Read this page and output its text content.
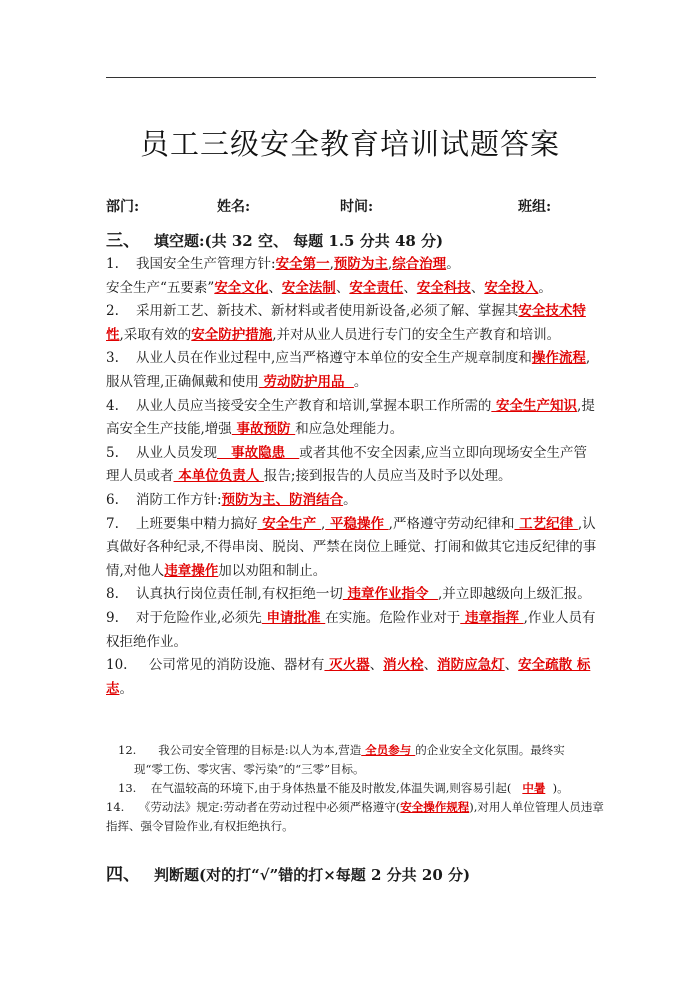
员工三级安全教育培训试题答案
部门:	姓名:	时间:	班组:
三、 填空题:(共 32 空、 每题 1.5 分共 48 分)

1.    我国安全生产管理方针:安全第一,预防为主,综合治理。

安全生产“五要素”安全文化、安全法制、安全责任、安全科技、安全投入。

2.    采用新工艺、新技术、新材料或者使用新设备,必须了解、掌握其安全技术特性,采取有效的安全防护措施,并对从业人员进行专门的安全生产教育和培训。

3.    从业人员在作业过程中,应当严格遵守本单位的安全生产规章制度和操作流程,服从管理,正确佩戴和使用 劳动防护用品  。

4.    从业人员应当接受安全生产教育和培训,掌握本职工作所需的 安全生产知识,提高安全生产技能,增强 事故预防 和应急处理能力。

5.    从业人员发现   事故隐患   或者其他不安全因素,应当立即向现场安全生产管理人员或者 本单位负责人 报告;接到报告的人员应当及时予以处理。

6.    消防工作方针:预防为主、防消结合。

7.    上班要集中精力搞好 安全生产 , 平稳操作 ,严格遵守劳动纪律和 工艺纪律 ,认真做好各种纪录,不得串岗、脱岗、严禁在岗位上睡觉、打闹和做其它违反纪律的事情,对他人违章操作加以劝阻和制止。

8.    认真执行岗位责任制,有权拒绝一切 违章作业指令  ,并立即越级向上级汇报。

9.    对于危险作业,必须先 申请批准 在实施。危险作业对于 违章指挥 ,作业人员有权拒绝作业。

10.     公司常见的消防设施、器材有 灭火器、消火栓、消防应急灯、安全疏散 标志。

12.      我公司安全管理的目标是:以人为本,营造 全员参与 的企业安全文化氛围。最终实

现“零工伤、零灾害、零污染”的“三零”目标。

13.    在气温较高的环境下,由于身体热量不能及时散发,体温失调,则容易引起(   中暑  )。

14.    《劳动法》规定:劳动者在劳动过程中必须严格遵守(安全操作规程),对用人单位管理人员违章指挥、强令冒险作业,有权拒绝执行。

四、 判断题(对的打“√”错的打×每题 2 分共 20 分)
